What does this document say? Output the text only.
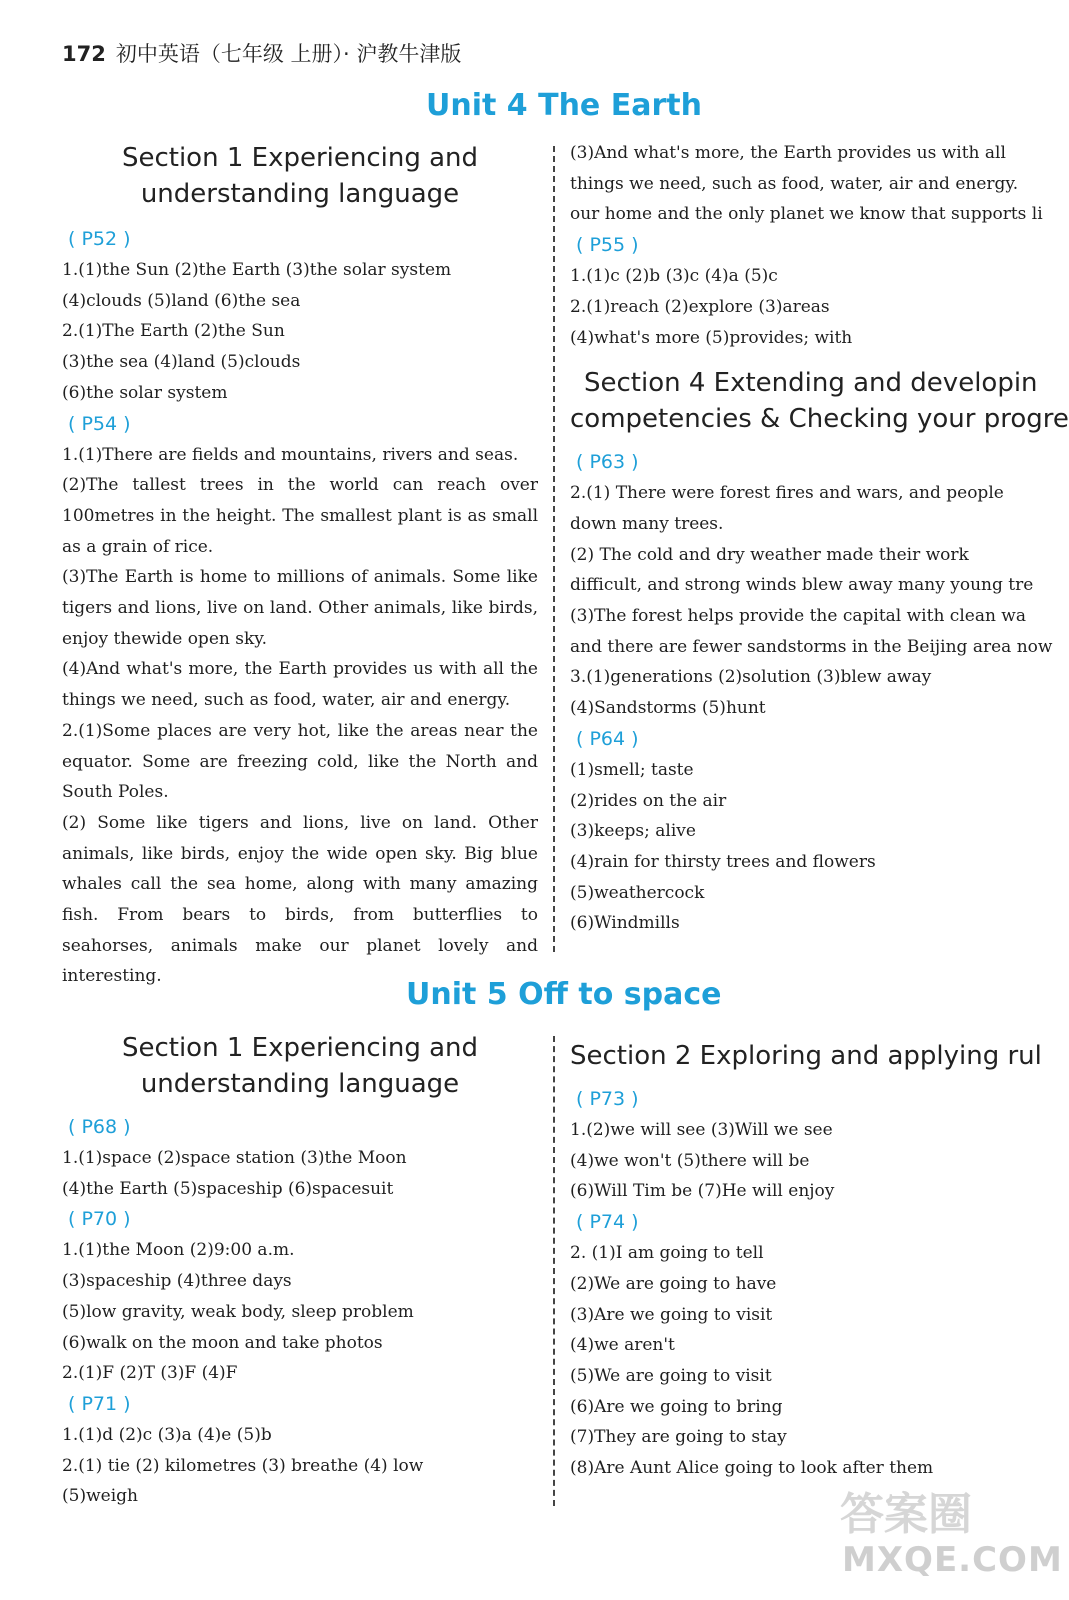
172 初中英语（七年级 上册）· 沪教牛津版
Unit 4 The Earth
Section 1 Experiencing and
understanding language
( P52 )
1.(1)the Sun (2)the Earth (3)the solar system
(4)clouds (5)land (6)the sea
2.(1)The Earth (2)the Sun
(3)the sea (4)land (5)clouds
(6)the solar system
( P54 )
1.(1)There are fields and mountains, rivers and seas.
(2)The tallest trees in the world can reach over 100metres in the height. The smallest plant is as small as a grain of rice.
(3)The Earth is home to millions of animals. Some like tigers and lions, live on land. Other animals, like birds, enjoy thewide open sky.
(4)And what's more, the Earth provides us with all the things we need, such as food, water, air and energy.
2.(1)Some places are very hot, like the areas near the equator. Some are freezing cold, like the North and South Poles.
(2) Some like tigers and lions, live on land. Other animals, like birds, enjoy the wide open sky. Big blue whales call the sea home, along with many amazing fish. From bears to birds, from butterflies to seahorses, animals make our planet lovely and interesting.
(3)And what's more, the Earth provides us with all
things we need, such as food, water, air and energy.
our home and the only planet we know that supports li
( P55 )
1.(1)c (2)b (3)c (4)a (5)c
2.(1)reach (2)explore (3)areas
(4)what's more (5)provides; with
Section 4 Extending and developin
competencies & Checking your progre
( P63 )
2.(1) There were forest fires and wars, and people
down many trees.
(2) The cold and dry weather made their work
difficult, and strong winds blew away many young tre
(3)The forest helps provide the capital with clean wa
and there are fewer sandstorms in the Beijing area now
3.(1)generations (2)solution (3)blew away
(4)Sandstorms (5)hunt
( P64 )
(1)smell; taste
(2)rides on the air
(3)keeps; alive
(4)rain for thirsty trees and flowers
(5)weathercock
(6)Windmills
Unit 5 Off to space
Section 1 Experiencing and
understanding language
( P68 )
1.(1)space (2)space station (3)the Moon
(4)the Earth (5)spaceship (6)spacesuit
( P70 )
1.(1)the Moon (2)9:00 a.m.
(3)spaceship (4)three days
(5)low gravity, weak body, sleep problem
(6)walk on the moon and take photos
2.(1)F (2)T (3)F (4)F
( P71 )
1.(1)d (2)c (3)a (4)e (5)b
2.(1) tie (2) kilometres (3) breathe (4) low
(5)weigh
Section 2 Exploring and applying rul
( P73 )
1.(2)we will see (3)Will we see
(4)we won't (5)there will be
(6)Will Tim be (7)He will enjoy
( P74 )
2. (1)I am going to tell
(2)We are going to have
(3)Are we going to visit
(4)we aren't
(5)We are going to visit
(6)Are we going to bring
(7)They are going to stay
(8)Are Aunt Alice going to look after them
答案圈
MXQE.COM
